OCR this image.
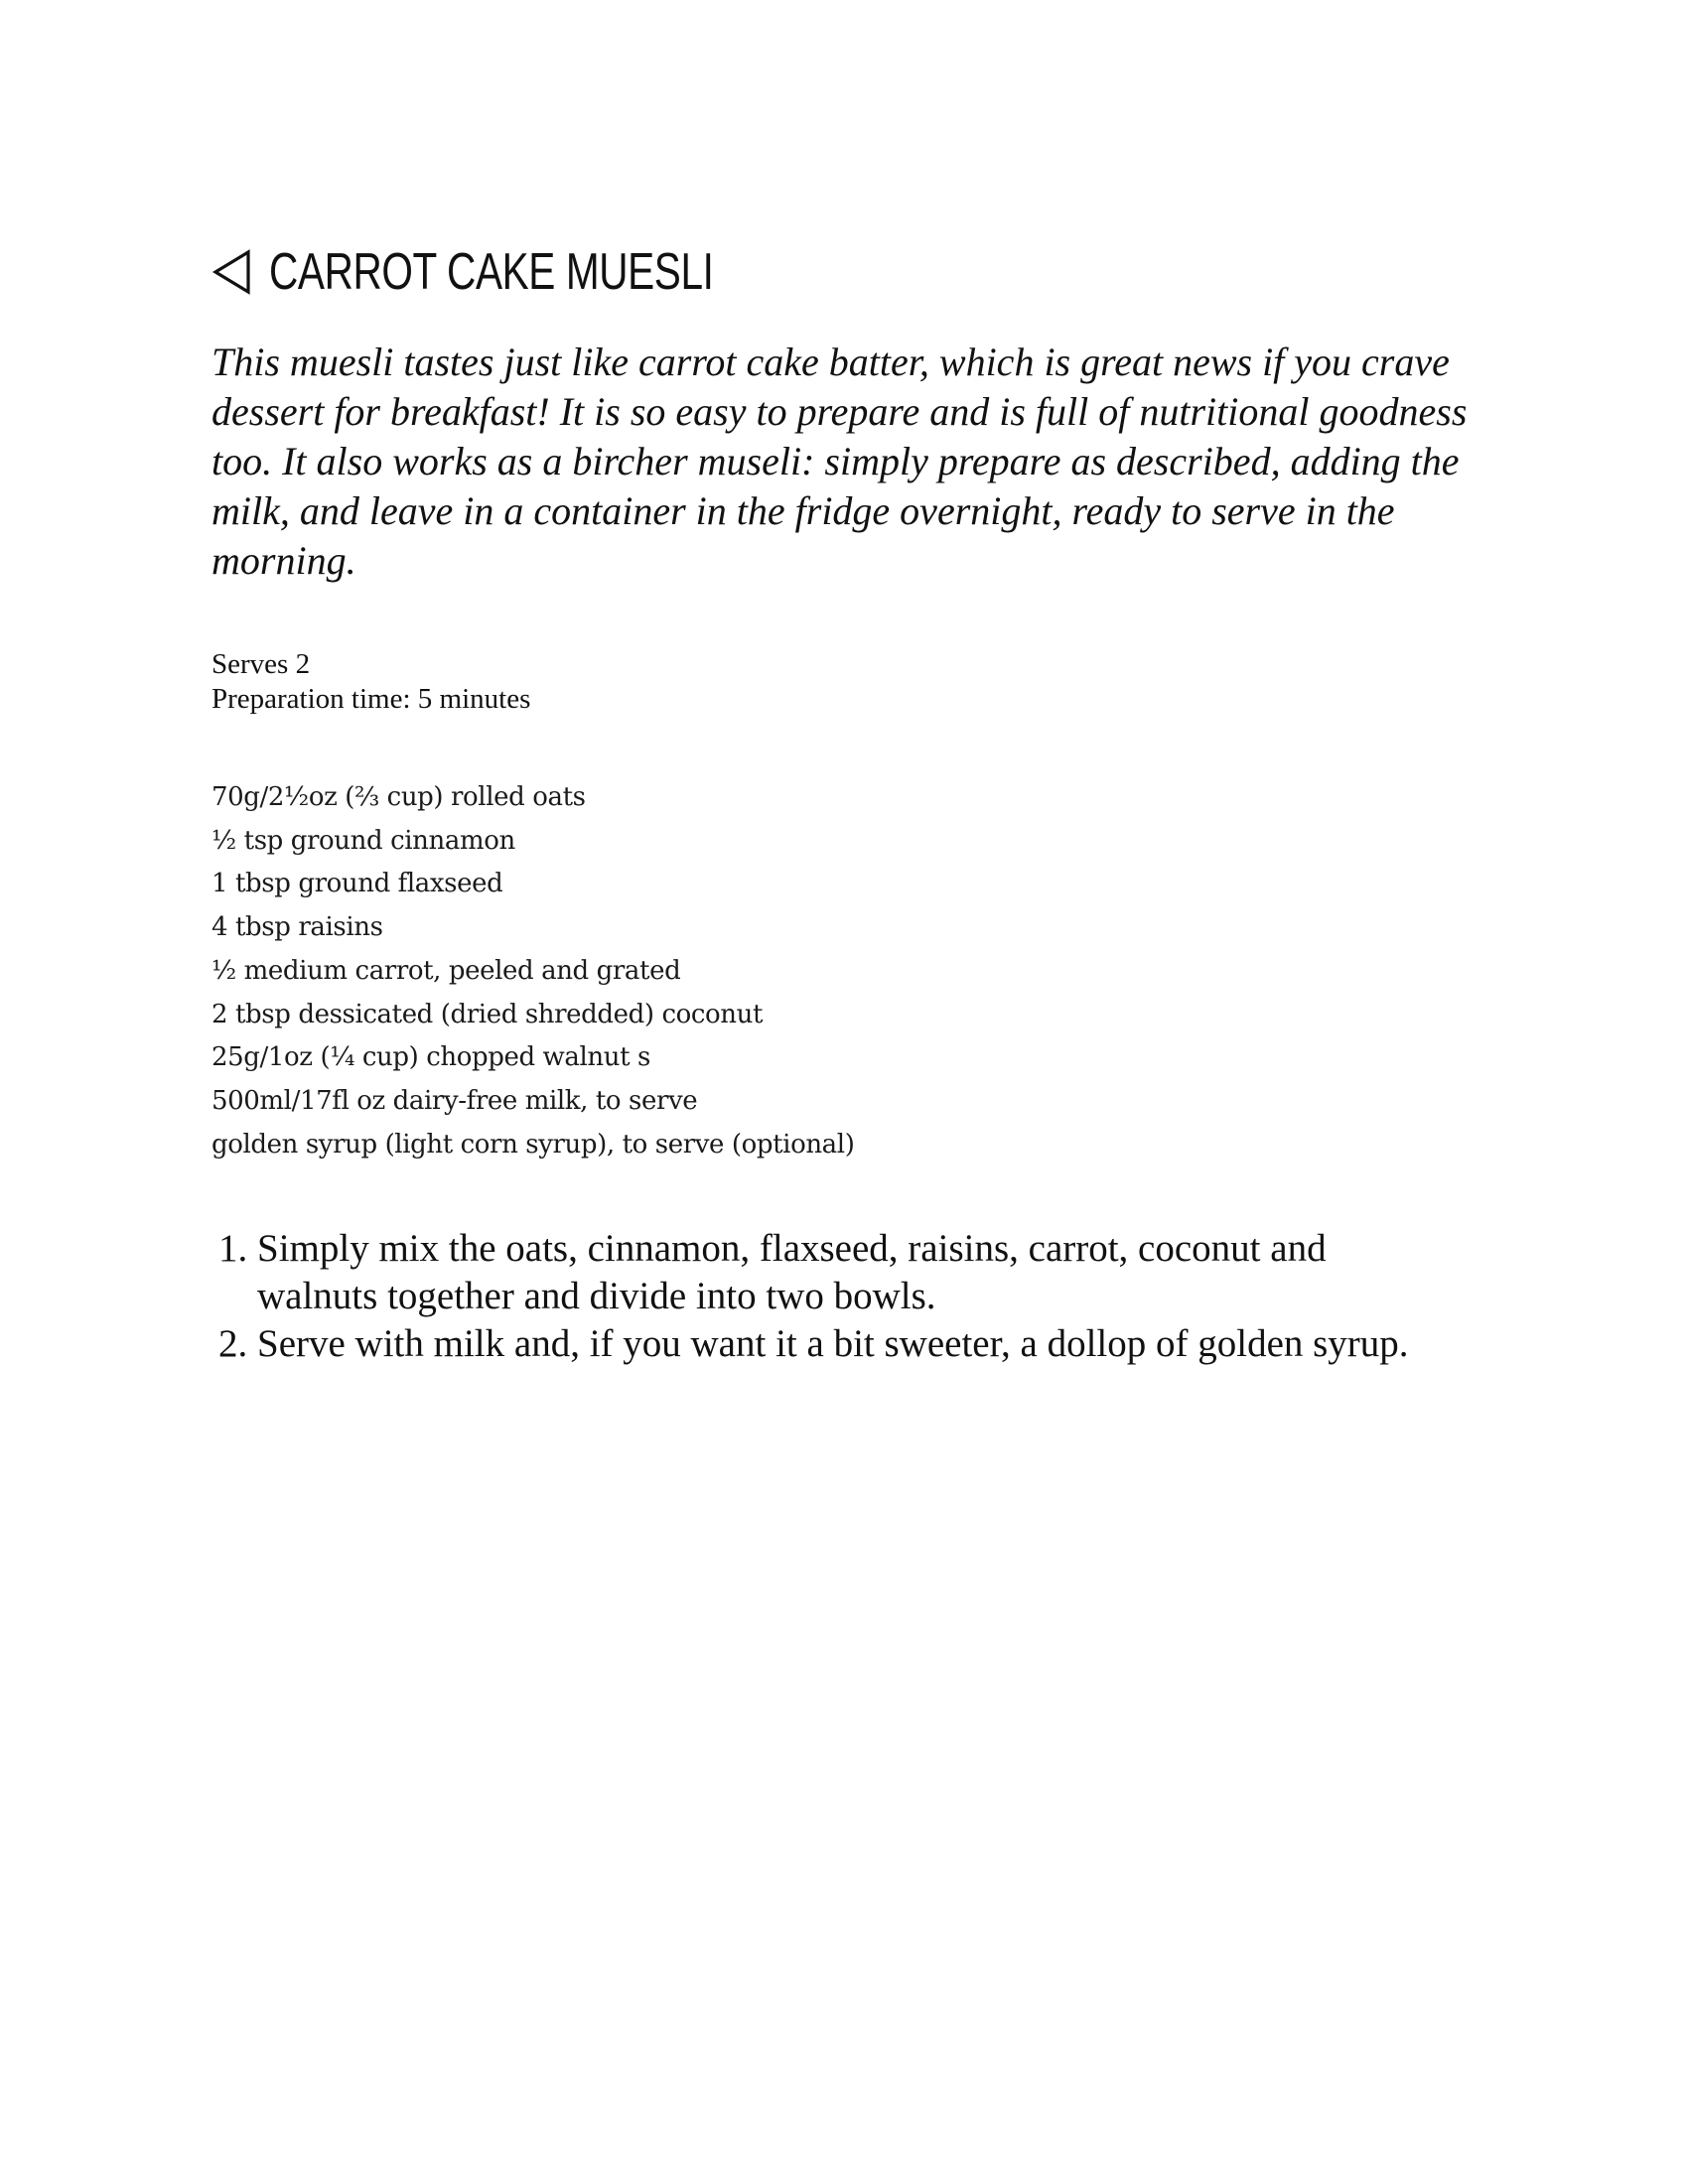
CARROT CAKE MUESLI

This muesli tastes just like carrot cake batter, which is great news if you crave dessert for breakfast! It is so easy to prepare and is full of nutritional goodness too. It also works as a bircher museli: simply prepare as described, adding the milk, and leave in a container in the fridge overnight, ready to serve in the morning.

Serves 2
Preparation time: 5 minutes
70g/2½oz (⅔ cup) rolled oats
½ tsp ground cinnamon
1 tbsp ground flaxseed
4 tbsp raisins
½ medium carrot, peeled and grated
2 tbsp dessicated (dried shredded) coconut
25g/1oz (¼ cup) chopped walnut s
500ml/17fl oz dairy-free milk, to serve
golden syrup (light corn syrup), to serve (optional)
1. Simply mix the oats, cinnamon, flaxseed, raisins, carrot, coconut and walnuts together and divide into two bowls.
2. Serve with milk and, if you want it a bit sweeter, a dollop of golden syrup.
